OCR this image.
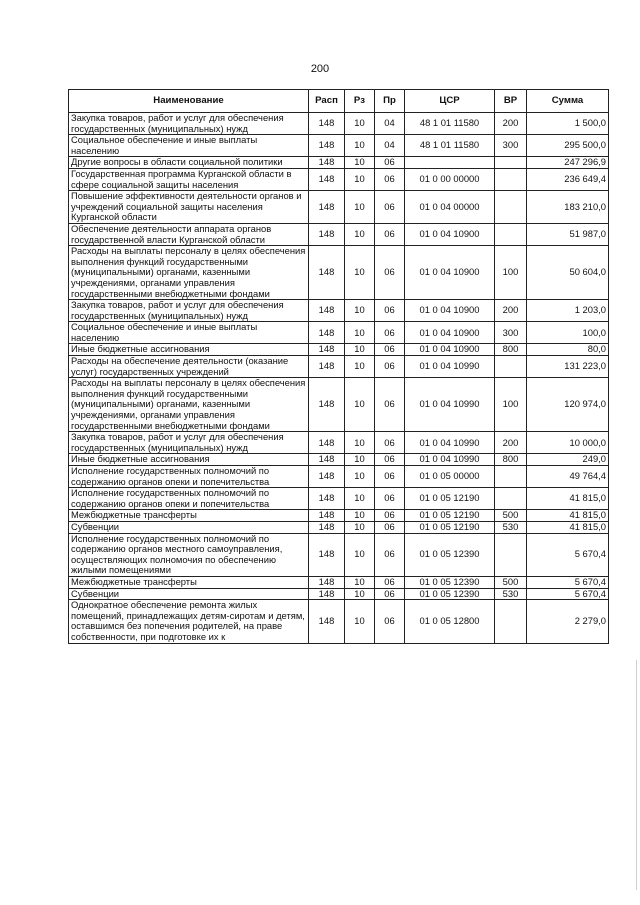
200
Наименование	Расп	Рз	Пр	ЦСР	ВР	Сумма
Закупка товаров, работ и услуг для обеспечения государственных (муниципальных) нужд	148	10	04	48 1 01 11580	200	1 500,0
Социальное обеспечение и иные выплаты населению	148	10	04	48 1 01 11580	300	295 500,0
Другие вопросы в области социальной политики	148	10	06			247 296,9
Государственная программа Курганской области в сфере социальной защиты населения	148	10	06	01 0 00 00000		236 649,4
Повышение эффективности деятельности органов и учреждений социальной защиты населения Курганской области	148	10	06	01 0 04 00000		183 210,0
Обеспечение деятельности аппарата органов государственной власти Курганской области	148	10	06	01 0 04 10900		51 987,0
Расходы на выплаты персоналу в целях обеспечения выполнения функций государственными (муниципальными) органами, казенными учреждениями, органами управления государственными внебюджетными фондами	148	10	06	01 0 04 10900	100	50 604,0
Закупка товаров, работ и услуг для обеспечения государственных (муниципальных) нужд	148	10	06	01 0 04 10900	200	1 203,0
Социальное обеспечение и иные выплаты населению	148	10	06	01 0 04 10900	300	100,0
Иные бюджетные ассигнования	148	10	06	01 0 04 10900	800	80,0
Расходы на обеспечение деятельности (оказание услуг) государственных учреждений	148	10	06	01 0 04 10990		131 223,0
Расходы на выплаты персоналу в целях обеспечения выполнения функций государственными (муниципальными) органами, казенными учреждениями, органами управления государственными внебюджетными фондами	148	10	06	01 0 04 10990	100	120 974,0
Закупка товаров, работ и услуг для обеспечения государственных (муниципальных) нужд	148	10	06	01 0 04 10990	200	10 000,0
Иные бюджетные ассигнования	148	10	06	01 0 04 10990	800	249,0
Исполнение государственных полномочий по содержанию органов опеки и попечительства	148	10	06	01 0 05 00000		49 764,4
Исполнение государственных полномочий по содержанию органов опеки и попечительства	148	10	06	01 0 05 12190		41 815,0
Межбюджетные трансферты	148	10	06	01 0 05 12190	500	41 815,0
Субвенции	148	10	06	01 0 05 12190	530	41 815,0
Исполнение государственных полномочий по содержанию органов местного самоуправления, осуществляющих полномочия по обеспечению жилыми помещениями	148	10	06	01 0 05 12390		5 670,4
Межбюджетные трансферты	148	10	06	01 0 05 12390	500	5 670,4
Субвенции	148	10	06	01 0 05 12390	530	5 670,4
Однократное обеспечение ремонта жилых помещений, принадлежащих детям-сиротам и детям, оставшимся без попечения родителей, на праве собственности, при подготовке их к	148	10	06	01 0 05 12800		2 279,0
